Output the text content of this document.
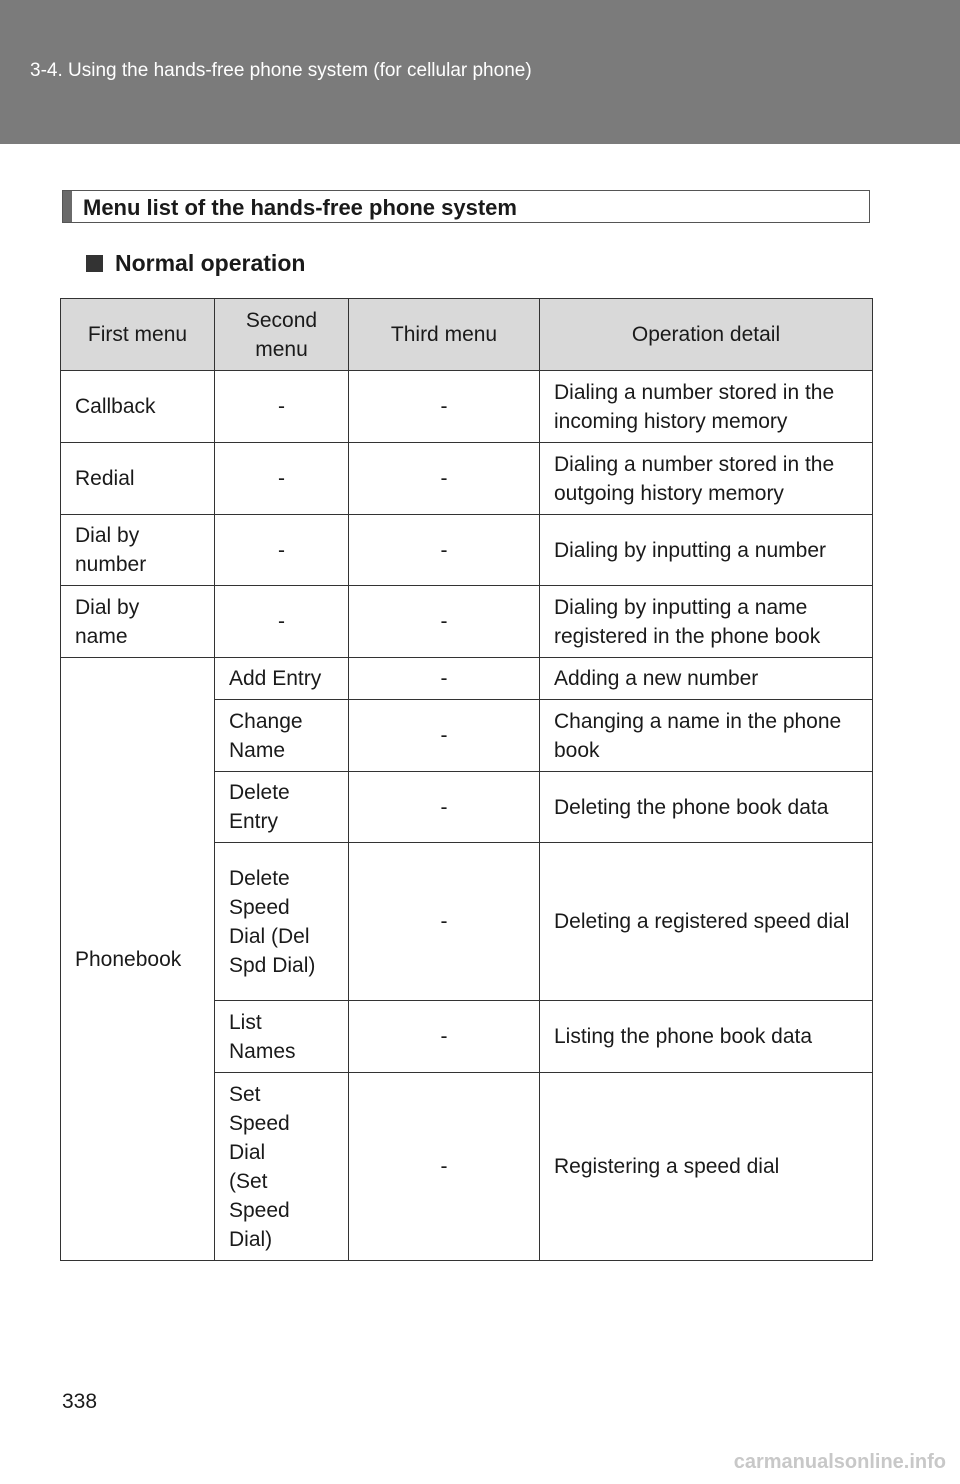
3-4. Using the hands-free phone system (for cellular phone)
Menu list of the hands-free phone system
Normal operation
First menu	Second menu	Third menu	Operation detail
Callback	-	-	Dialing a number stored in the incoming history memory
Redial	-	-	Dialing a number stored in the outgoing history memory

Dial by number	-	-	Dialing by inputting a number

Dial by name	-	-	Dialing by inputting a name registered in the phone book
Phonebook	Add Entry	-	Adding a new number

	Change Name	-	Changing a name in the phone book

	Delete Entry	-	Deleting the phone book data

	Delete Speed Dial (Del Spd Dial)	-	Deleting a registered speed dial

	List Names	-	Listing the phone book data

	Set Speed Dial (Set Speed Dial)	-	Registering a speed dial
338
carmanualsonline.info
